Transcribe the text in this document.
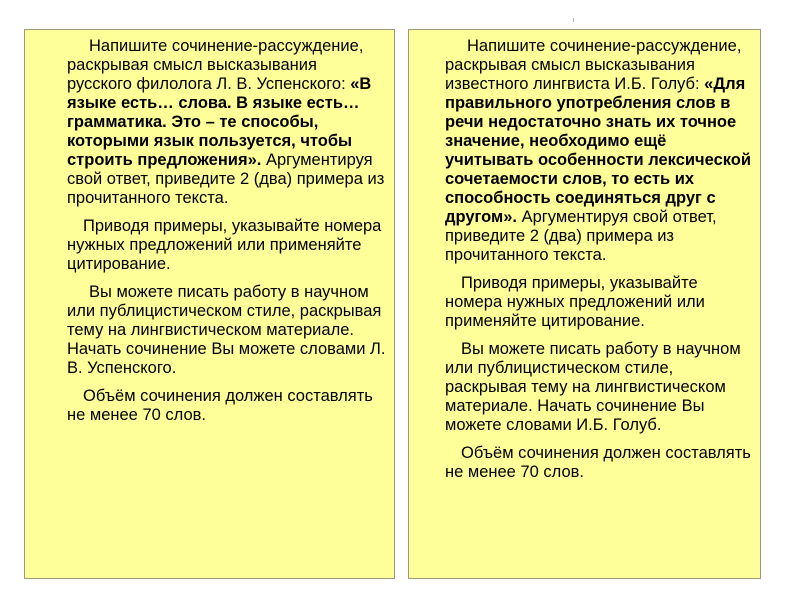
Напишите сочинение-рассуждение, раскрывая смысл высказывания русского филолога Л. В. Успенского: «В языке есть… слова. В языке есть… грамматика. Это – те способы, которыми язык пользуется, чтобы строить предложения». Аргументируя свой ответ, приведите 2 (два) примера из прочитанного текста.

Приводя примеры, указывайте номера нужных предложений или применяйте цитирование.

Вы можете писать работу в научном или публицистическом стиле, раскрывая тему на лингвистическом материале. Начать сочинение Вы можете словами Л. В. Успенского.

Объём сочинения должен составлять не менее 70 слов.

Напишите сочинение-рассуждение, раскрывая смысл высказывания известного лингвиста И.Б. Голуб: «Для правильного употребления слов в речи недостаточно знать их точное значение, необходимо ещё учитывать особенности лексической сочетаемости слов, то есть их способность соединяться друг с другом». Аргументируя свой ответ, приведите 2 (два) примера из прочитанного текста.

Приводя примеры, указывайте номера нужных предложений или применяйте цитирование.

Вы можете писать работу в научном или публицистическом стиле, раскрывая тему на лингвистическом материале. Начать сочинение Вы можете словами И.Б. Голуб.

Объём сочинения должен составлять не менее 70 слов.
